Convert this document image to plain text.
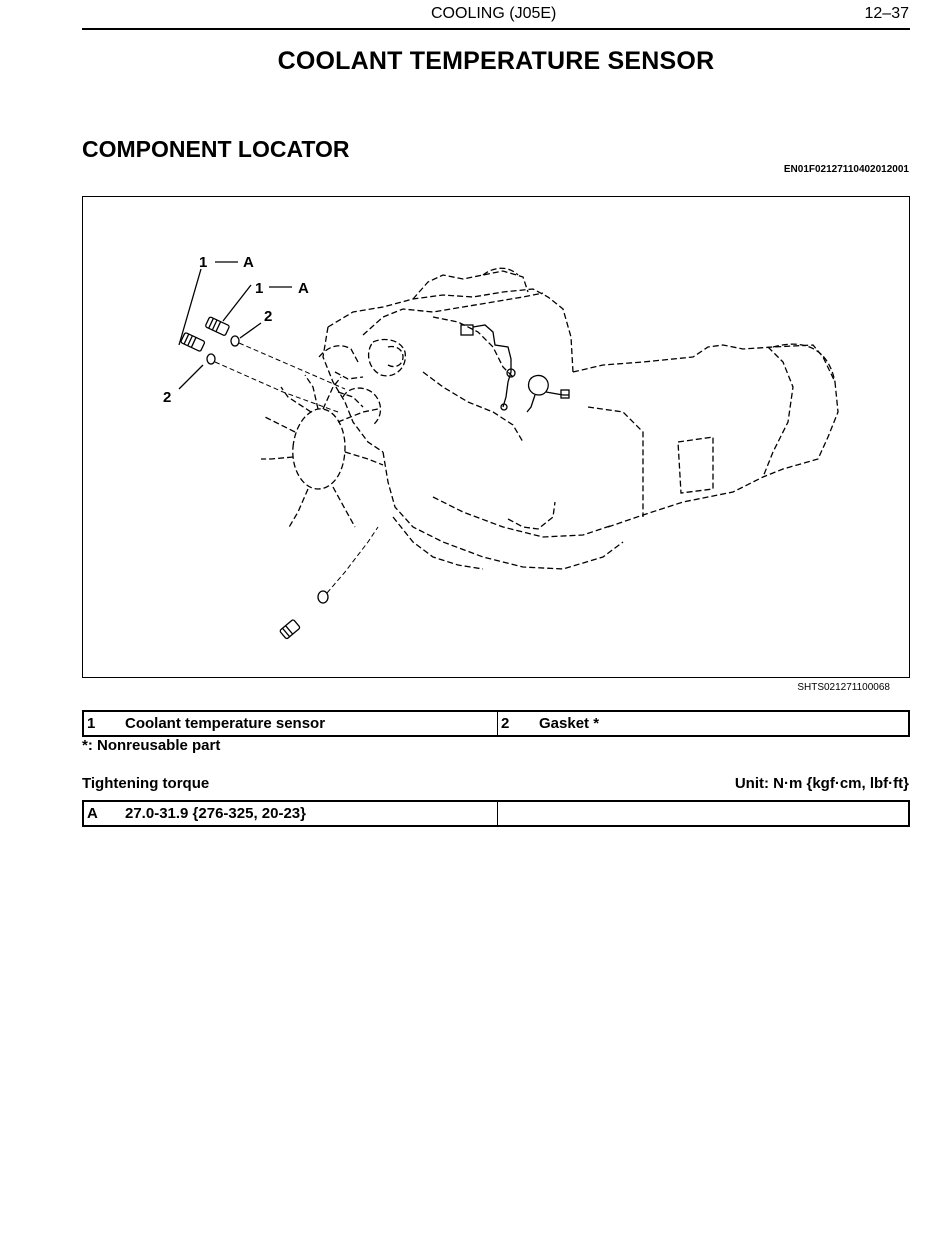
COOLING (J05E)	12–37
COOLANT TEMPERATURE SENSOR
COMPONENT LOCATOR
EN01F02127110402012001
1 A
1 A
2
2
SHTS021271100068
1	Coolant temperature sensor	2	Gasket *
*: Nonreusable part
Tightening torque	Unit: N·m {kgf·cm, lbf·ft}
A	27.0-31.9 {276-325, 20-23}	
